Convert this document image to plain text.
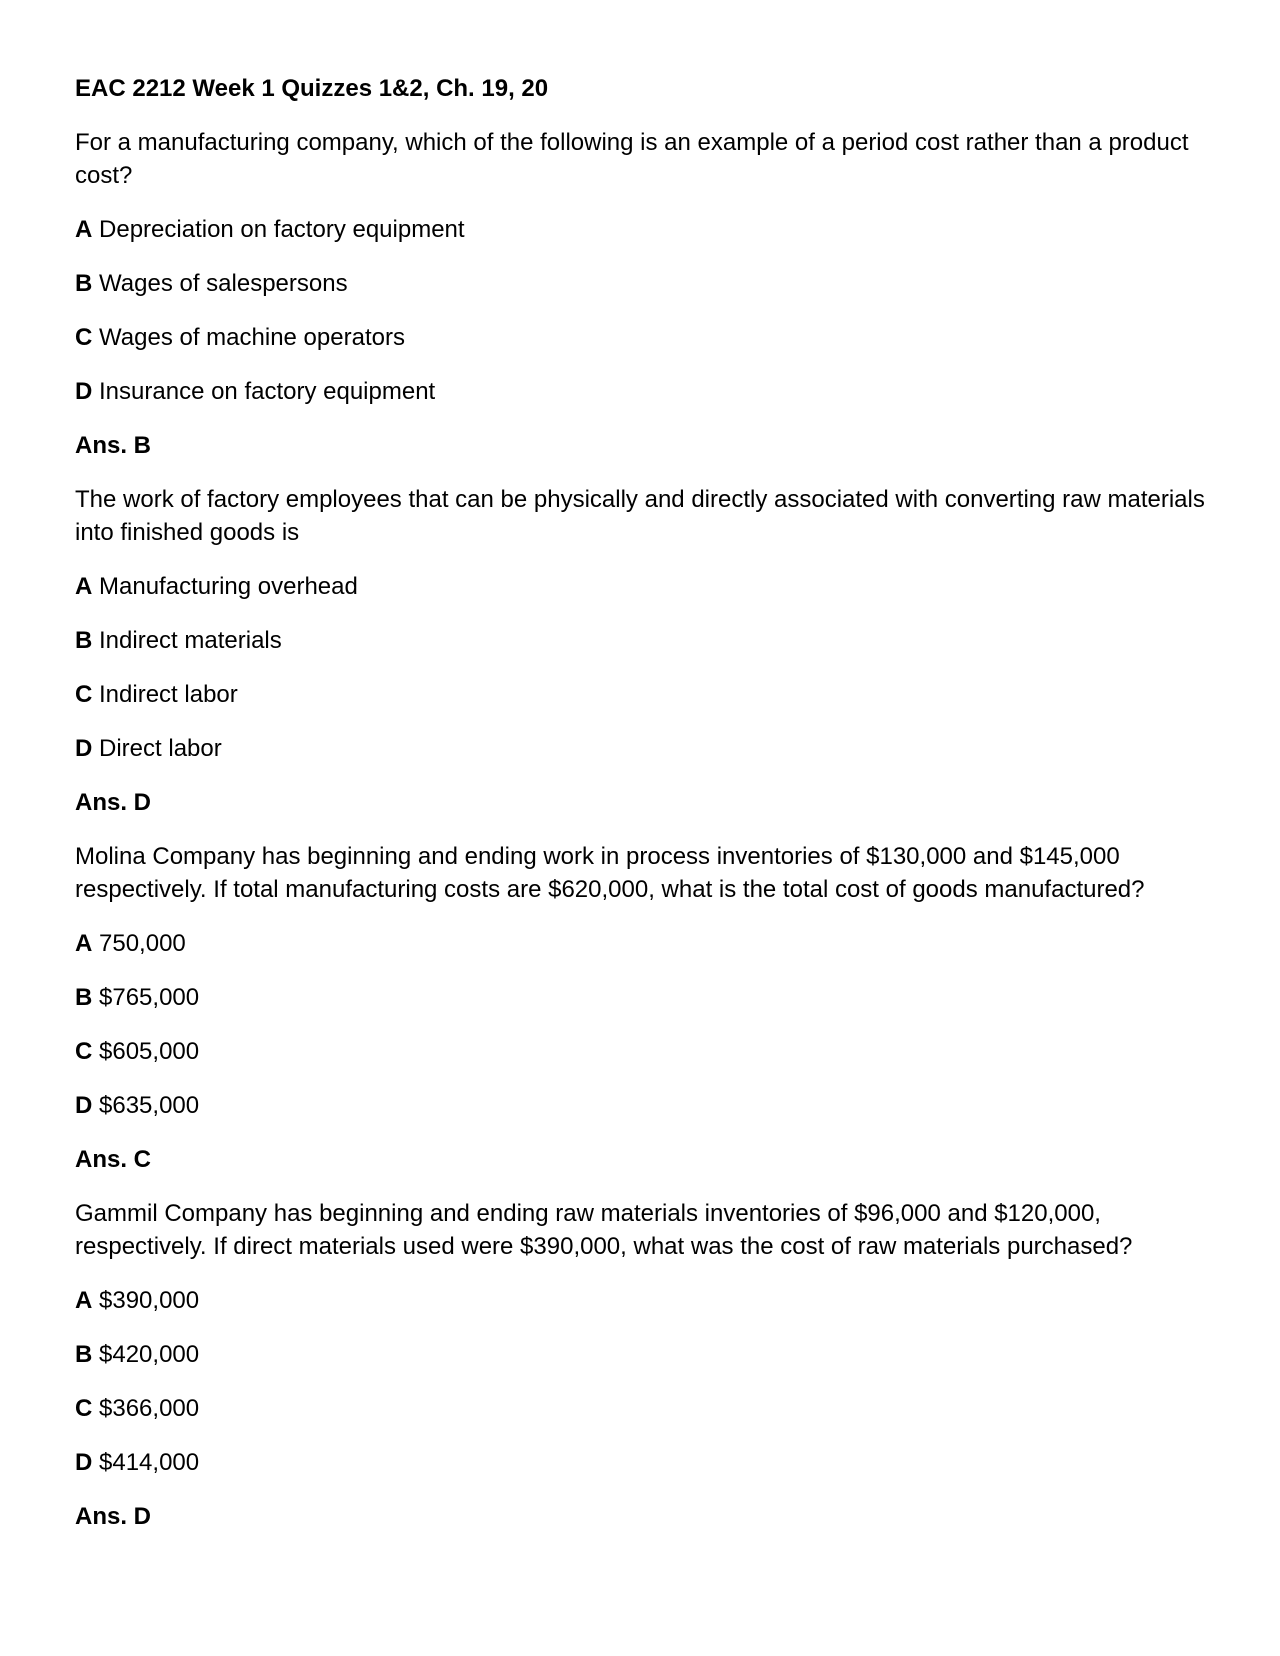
EAC 2212 Week 1 Quizzes 1&2, Ch. 19, 20
For a manufacturing company, which of the following is an example of a period cost rather than a product cost?
A Depreciation on factory equipment
B Wages of salespersons
C Wages of machine operators
D Insurance on factory equipment
Ans. B
The work of factory employees that can be physically and directly associated with converting raw materials into finished goods is
A Manufacturing overhead
B Indirect materials
C Indirect labor
D Direct labor
Ans. D
Molina Company has beginning and ending work in process inventories of $130,000 and $145,000 respectively. If total manufacturing costs are $620,000, what is the total cost of goods manufactured?
A 750,000
B $765,000
C $605,000
D $635,000
Ans. C
Gammil Company has beginning and ending raw materials inventories of $96,000 and $120,000, respectively. If direct materials used were $390,000, what was the cost of raw materials purchased?
A $390,000
B $420,000
C $366,000
D $414,000
Ans. D
